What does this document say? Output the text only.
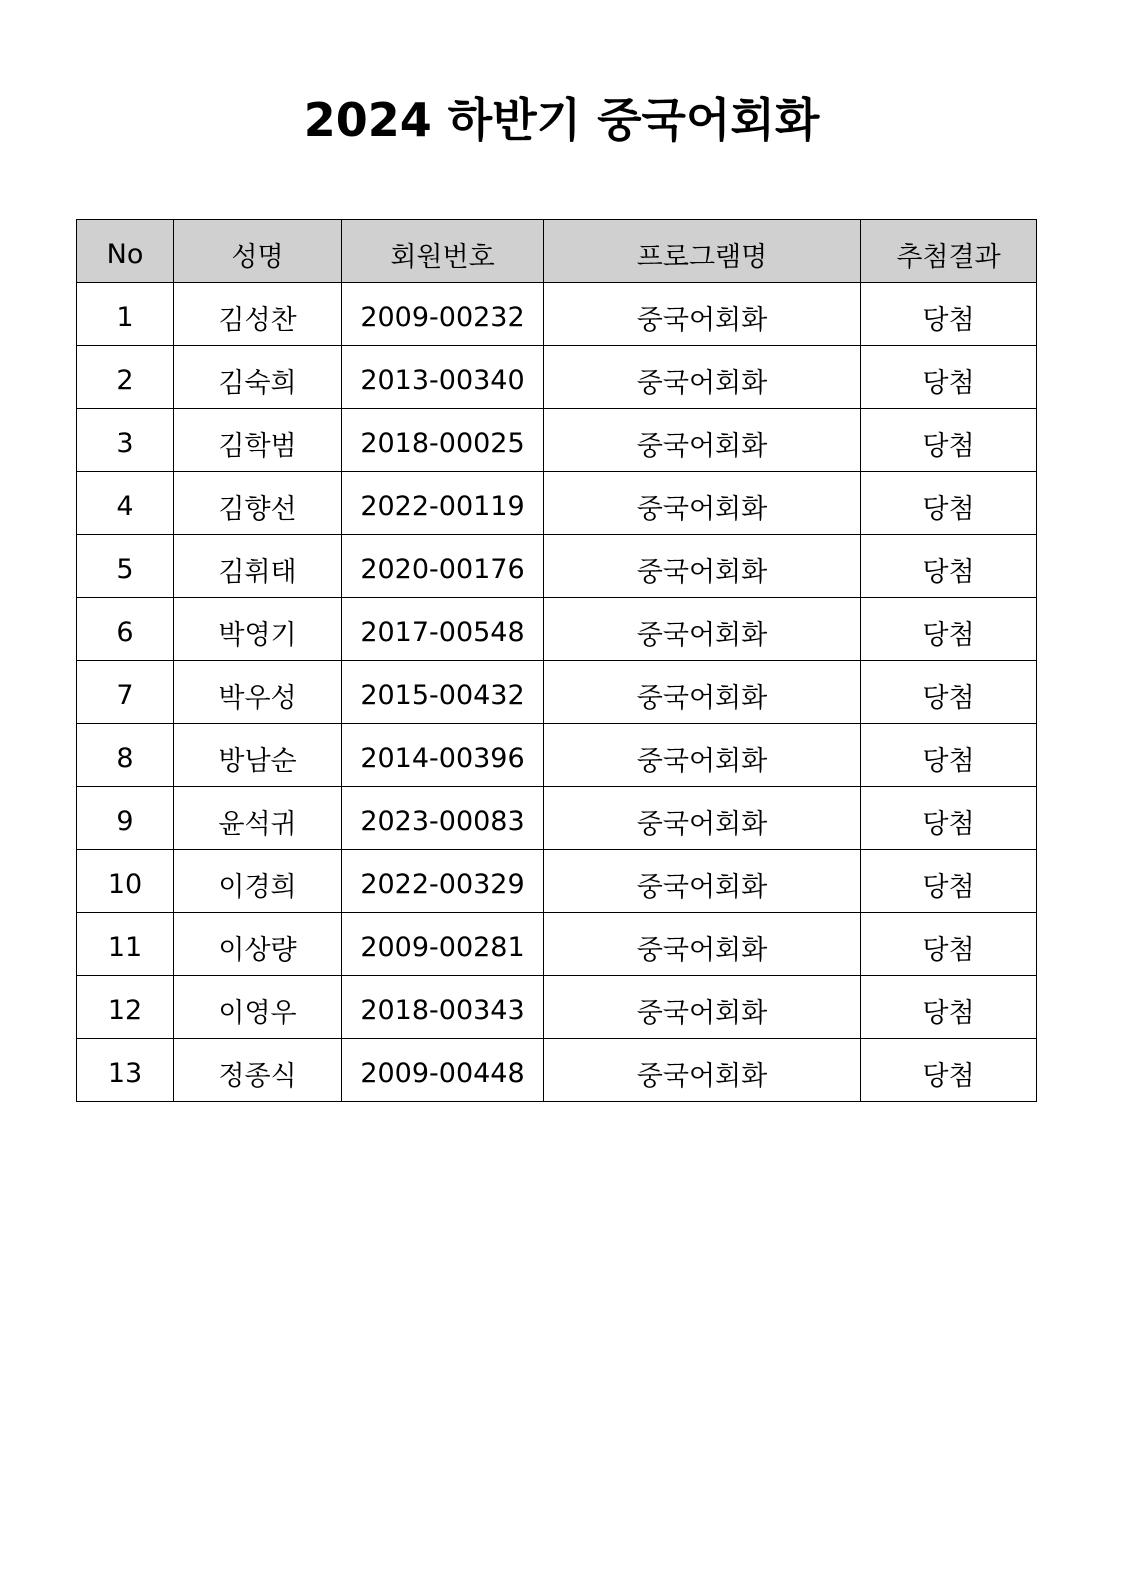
2024 하반기 중국어회화
No	성명	회원번호	프로그램명	추첨결과
1	김성찬	2009-00232	중국어회화	당첨
2	김숙희	2013-00340	중국어회화	당첨
3	김학범	2018-00025	중국어회화	당첨
4	김향선	2022-00119	중국어회화	당첨
5	김휘태	2020-00176	중국어회화	당첨
6	박영기	2017-00548	중국어회화	당첨
7	박우성	2015-00432	중국어회화	당첨
8	방남순	2014-00396	중국어회화	당첨
9	윤석귀	2023-00083	중국어회화	당첨
10	이경희	2022-00329	중국어회화	당첨
11	이상량	2009-00281	중국어회화	당첨
12	이영우	2018-00343	중국어회화	당첨
13	정종식	2009-00448	중국어회화	당첨
